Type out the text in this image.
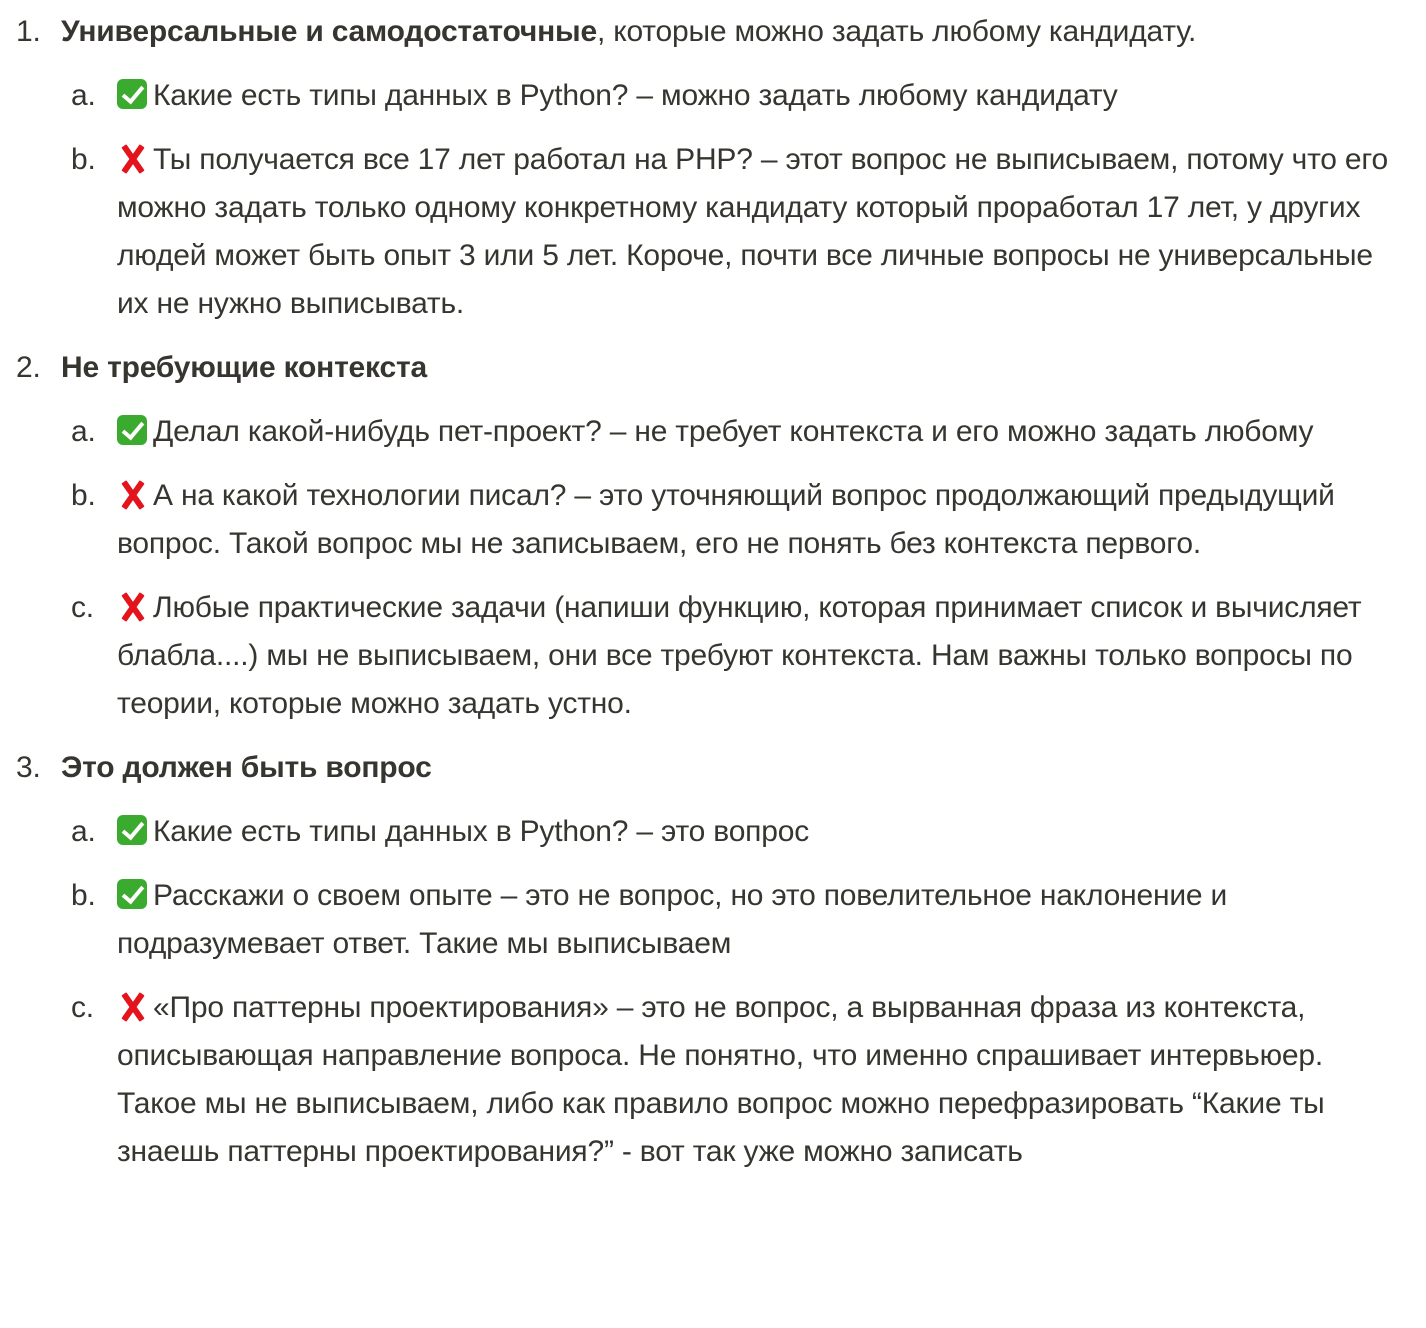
1. Универсальные и самодостаточные, которые можно задать любому кандидату.
a.	Какие есть типы данных в Python? – можно задать любому кандидату
b.	Ты получается все 17 лет работал на PHP? – этот вопрос не выписываем, потому что его можно задать только одному конкретному кандидату который проработал 17 лет, у других людей может быть опыт 3 или 5 лет. Короче, почти все личные вопросы не универсальные их не нужно выписывать.
2. Не требующие контекста
a.	Делал какой-нибудь пет-проект? – не требует контекста и его можно задать любому
b.	А на какой технологии писал? – это уточняющий вопрос продолжающий предыдущий вопрос. Такой вопрос мы не записываем, его не понять без контекста первого.
c.	Любые практические задачи (напиши функцию, которая принимает список и вычисляет блабла....) мы не выписываем, они все требуют контекста. Нам важны только вопросы по теории, которые можно задать устно.
3. Это должен быть вопрос
a.	Какие есть типы данных в Python? – это вопрос
b.	Расскажи о своем опыте – это не вопрос, но это повелительное наклонение и подразумевает ответ. Такие мы выписываем
c.	«Про паттерны проектирования» – это не вопрос, а вырванная фраза из контекста, описывающая направление вопроса. Не понятно, что именно спрашивает интервьюер. Такое мы не выписываем, либо как правило вопрос можно перефразировать “Какие ты знаешь паттерны проектирования?” - вот так уже можно записать
